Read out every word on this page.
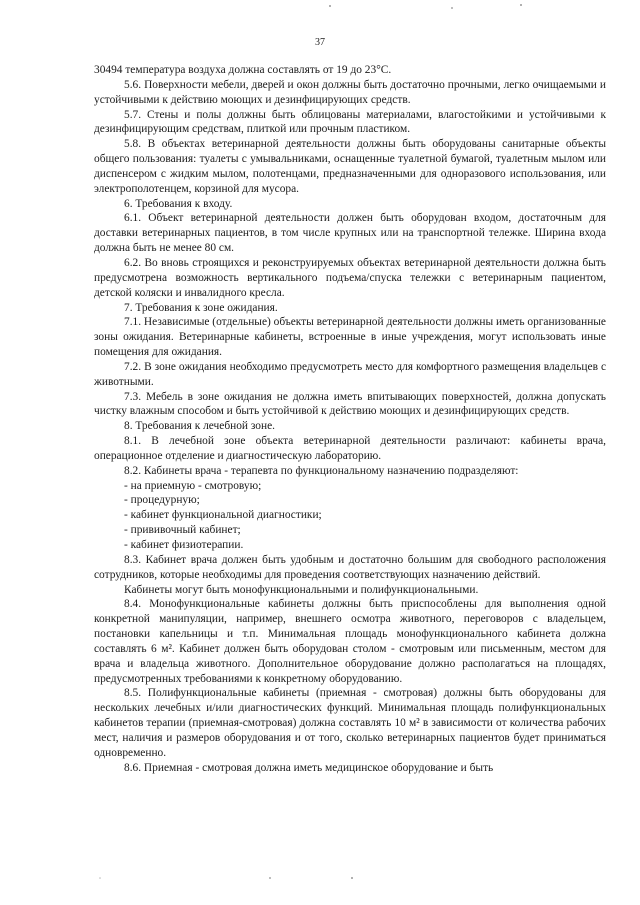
37

30494 температура воздуха должна составлять от 19 до 23°С.

5.6. Поверхности мебели, дверей и окон должны быть достаточно прочными, легко очищаемыми и устойчивыми к действию моющих и дезинфицирующих средств.

5.7. Стены и полы должны быть облицованы материалами, влагостойкими и устойчивыми к дезинфицирующим средствам, плиткой или прочным пластиком.

5.8. В объектах ветеринарной деятельности должны быть оборудованы санитарные объекты общего пользования: туалеты с умывальниками, оснащенные туалетной бумагой, туалетным мылом или диспенсером с жидким мылом, полотенцами, предназначенными для одноразового использования, или электрополотенцем, корзиной для мусора.

6. Требования к входу.

6.1. Объект ветеринарной деятельности должен быть оборудован входом, достаточным для доставки ветеринарных пациентов, в том числе крупных или на транспортной тележке. Ширина входа должна быть не менее 80 см.

6.2. Во вновь строящихся и реконструируемых объектах ветеринарной деятельности должна быть предусмотрена возможность вертикального подъема/спуска тележки с ветеринарным пациентом, детской коляски и инвалидного кресла.

7. Требования к зоне ожидания.

7.1. Независимые (отдельные) объекты ветеринарной деятельности должны иметь организованные зоны ожидания. Ветеринарные кабинеты, встроенные в иные учреждения, могут использовать иные помещения для ожидания.

7.2. В зоне ожидания необходимо предусмотреть место для комфортного размещения владельцев с животными.

7.3. Мебель в зоне ожидания не должна иметь впитывающих поверхностей, должна допускать чистку влажным способом и быть устойчивой к действию моющих и дезинфицирующих средств.

8. Требования к лечебной зоне.

8.1. В лечебной зоне объекта ветеринарной деятельности различают: кабинеты врача, операционное отделение и диагностическую лабораторию.

8.2. Кабинеты врача - терапевта по функциональному назначению подразделяют:

- на приемную - смотровую;

- процедурную;

- кабинет функциональной диагностики;

- прививочный кабинет;

- кабинет физиотерапии.

8.3. Кабинет врача должен быть удобным и достаточно большим для свободного расположения сотрудников, которые необходимы для проведения соответствующих назначению действий.

Кабинеты могут быть монофункциональными и полифункциональными.

8.4. Монофункциональные кабинеты должны быть приспособлены для выполнения одной конкретной манипуляции, например, внешнего осмотра животного, переговоров с владельцем, постановки капельницы и т.п. Минимальная площадь монофункционального кабинета должна составлять 6 м². Кабинет должен быть оборудован столом - смотровым или письменным, местом для врача и владельца животного. Дополнительное оборудование должно располагаться на площадях, предусмотренных требованиями к конкретному оборудованию.

8.5. Полифункциональные кабинеты (приемная - смотровая) должны быть оборудованы для нескольких лечебных и/или диагностических функций. Минимальная площадь полифункциональных кабинетов терапии (приемная-смотровая) должна составлять 10 м² в зависимости от количества рабочих мест, наличия и размеров оборудования и от того, сколько ветеринарных пациентов будет приниматься одновременно.

8.6. Приемная - смотровая должна иметь медицинское оборудование и быть
